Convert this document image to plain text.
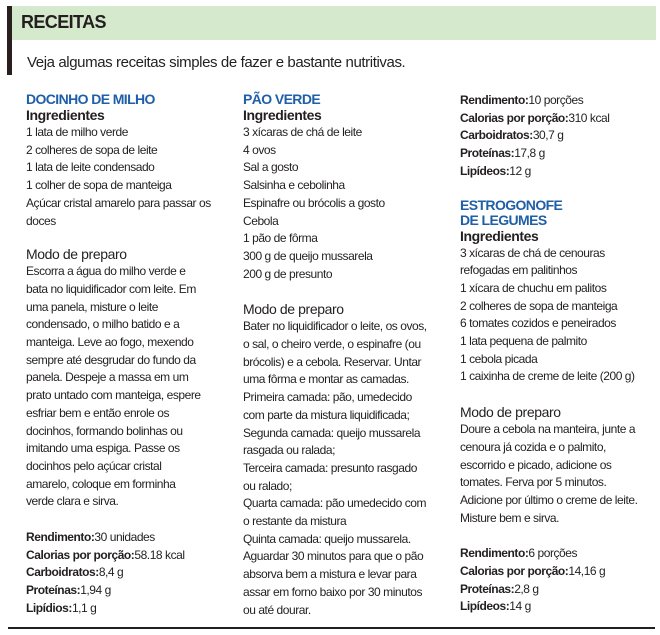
RECEITAS
Veja algumas receitas simples de fazer e bastante nutritivas.
DOCINHO DE MILHO
Ingredientes
1 lata de milho verde
2 colheres de sopa de leite
1 lata de leite condensado
1 colher de sopa de manteiga
Açúcar cristal amarelo para passar os
doces
Modo de preparo
Escorra a água do milho verde e
bata no liquidificador com leite. Em
uma panela, misture o leite
condensado, o milho batido e a
manteiga. Leve ao fogo, mexendo
sempre até desgrudar do fundo da
panela. Despeje a massa em um
prato untado com manteiga, espere
esfriar bem e então enrole os
docinhos, formando bolinhas ou
imitando uma espiga. Passe os
docinhos pelo açúcar cristal
amarelo, coloque em forminha
verde clara e sirva.
Rendimento:30 unidades
Calorias por porção:58.18 kcal
Carboidratos:8,4 g
Proteínas:1,94 g
Lipídios:1,1 g
PÃO VERDE
Ingredientes
3 xícaras de chá de leite
4 ovos
Sal a gosto
Salsinha e cebolinha
Espinafre ou brócolis a gosto
Cebola
1 pão de fôrma
300 g de queijo mussarela
200 g de presunto
Modo de preparo
Bater no liquidificador o leite, os ovos,
o sal, o cheiro verde, o espinafre (ou
brócolis) e a cebola. Reservar. Untar
uma fôrma e montar as camadas.
Primeira camada: pão, umedecido
com parte da mistura liquidificada;
Segunda camada: queijo mussarela
rasgada ou ralada;
Terceira camada: presunto rasgado
ou ralado;
Quarta camada: pão umedecido com
o restante da mistura
Quinta camada: queijo mussarela.
Aguardar 30 minutos para que o pão
absorva bem a mistura e levar para
assar em forno baixo por 30 minutos
ou até dourar.
Rendimento:10 porções
Calorias por porção:310 kcal
Carboidratos:30,7 g
Proteínas:17,8 g
Lipídeos:12 g
ESTROGONOFE
DE LEGUMES
Ingredientes
3 xícaras de chá de cenouras
refogadas em palitinhos
1 xícara de chuchu em palitos
2 colheres de sopa de manteiga
6 tomates cozidos e peneirados
1 lata pequena de palmito
1 cebola picada
1 caixinha de creme de leite (200 g)
Modo de preparo
Doure a cebola na manteira, junte a
cenoura já cozida e o palmito,
escorrido e picado, adicione os
tomates. Ferva por 5 minutos.
Adicione por último o creme de leite.
Misture bem e sirva.
Rendimento:6 porções
Calorias por porção:14,16 g
Proteínas:2,8 g
Lipídeos:14 g
